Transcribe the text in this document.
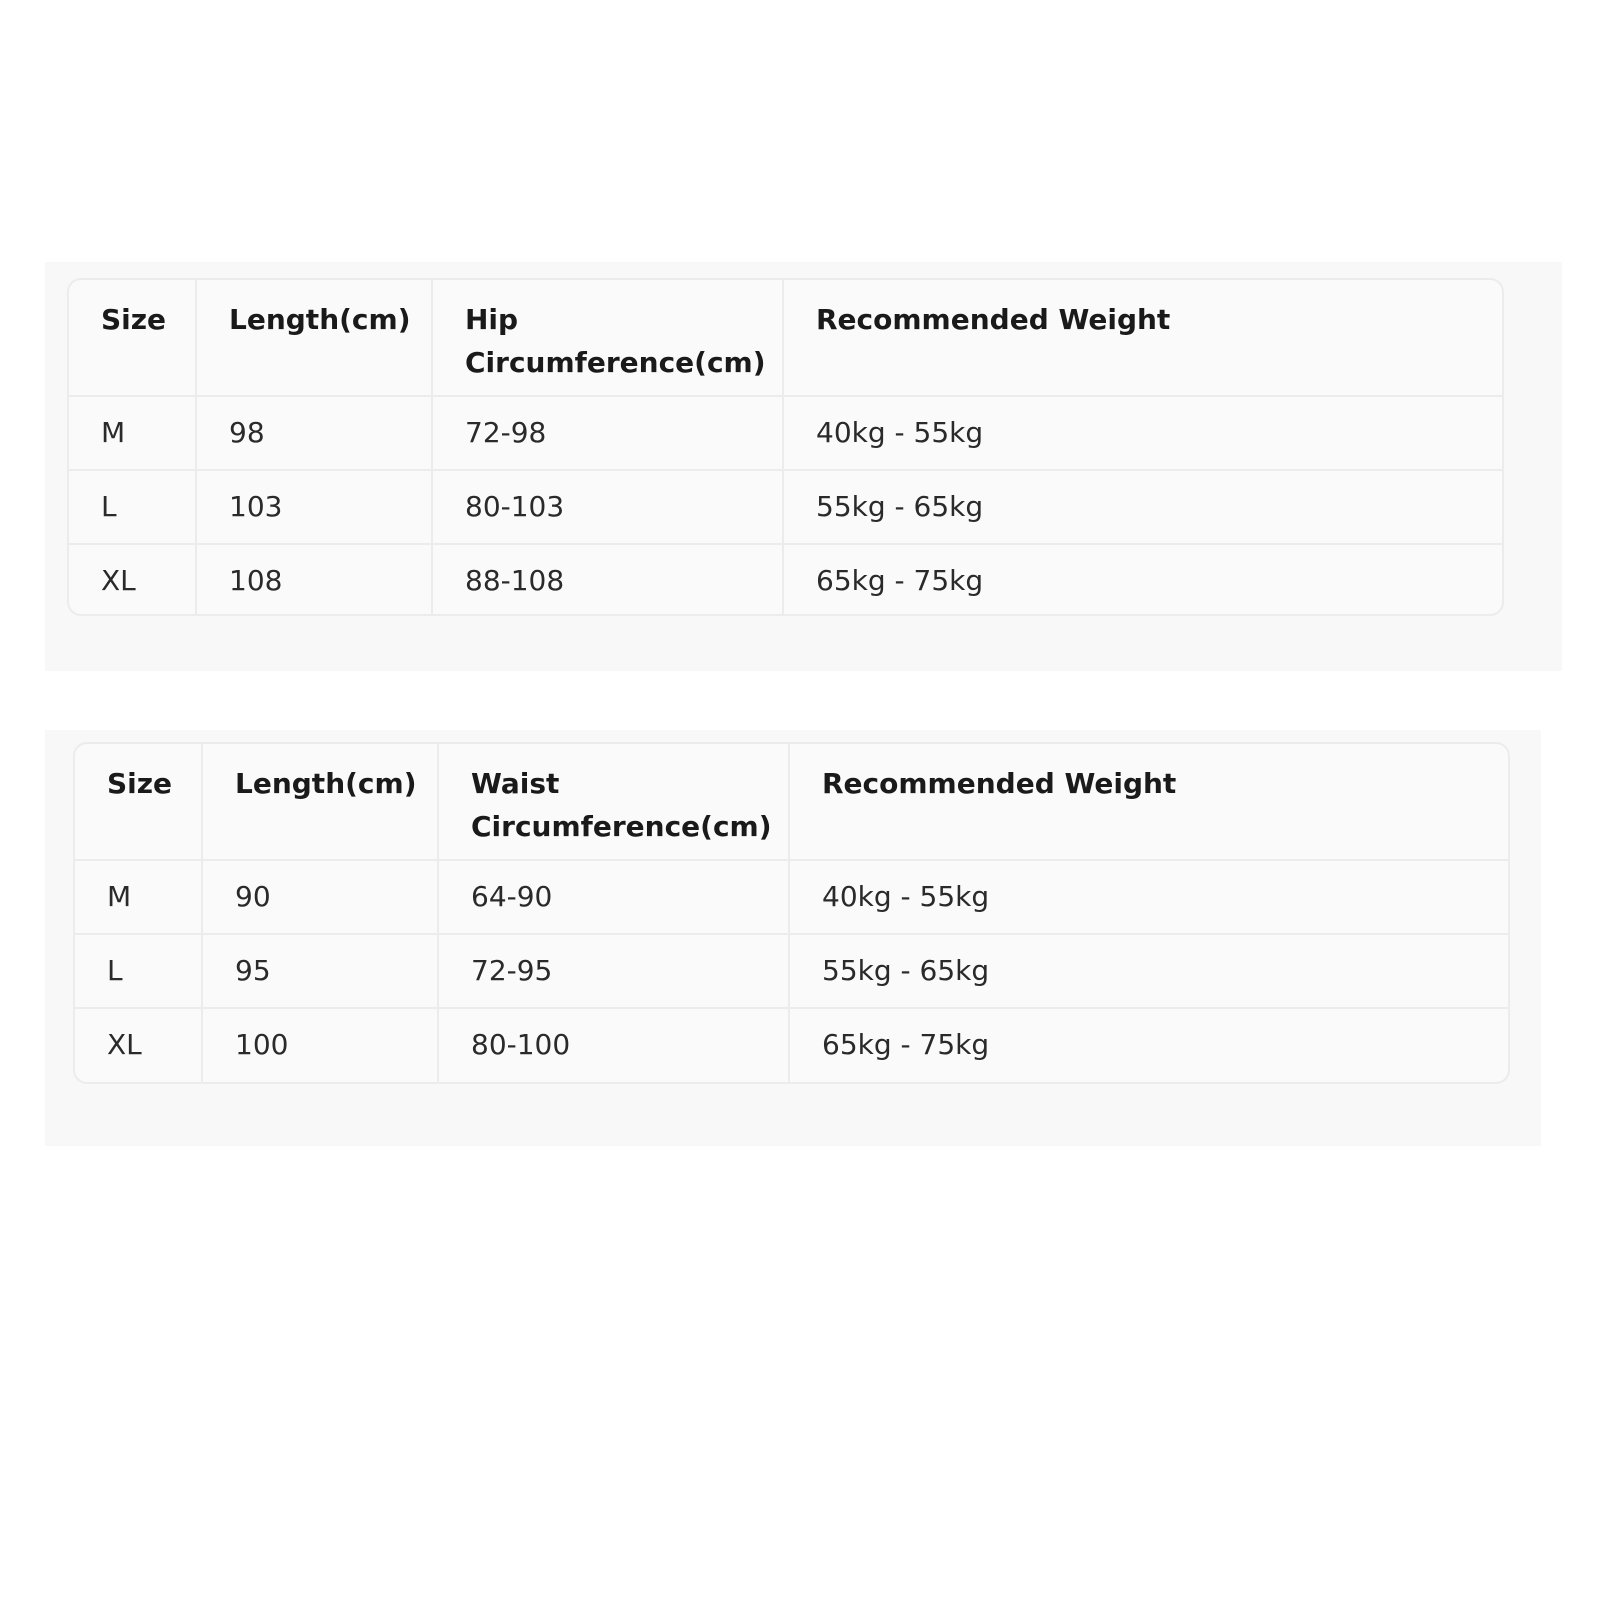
Size	Length(cm)	Hip Circumference(cm)	Recommended Weight
M	98	72-98	40kg - 55kg
L	103	80-103	55kg - 65kg
XL	108	88-108	65kg - 75kg
Size	Length(cm)	Waist Circumference(cm)	Recommended Weight
M	90	64-90	40kg - 55kg
L	95	72-95	55kg - 65kg
XL	100	80-100	65kg - 75kg
